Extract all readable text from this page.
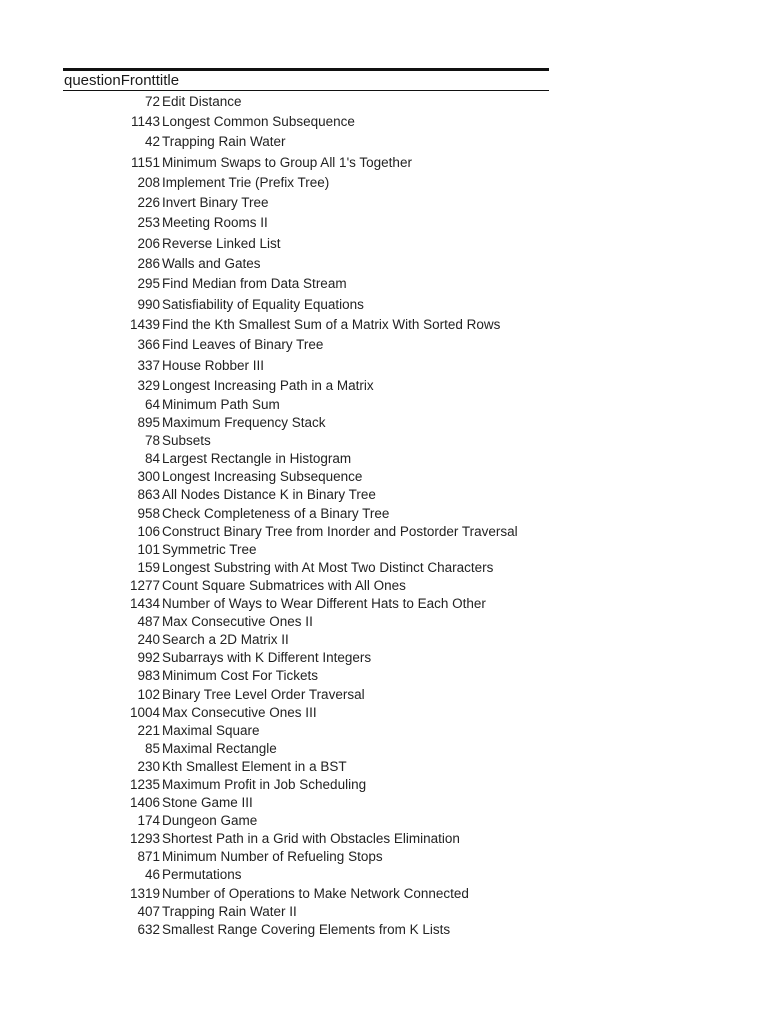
questionFronttitle
72 Edit Distance
1143 Longest Common Subsequence
42 Trapping Rain Water
1151 Minimum Swaps to Group All 1's Together
208 Implement Trie (Prefix Tree)
226 Invert Binary Tree
253 Meeting Rooms II
206 Reverse Linked List
286 Walls and Gates
295 Find Median from Data Stream
990 Satisfiability of Equality Equations
1439 Find the Kth Smallest Sum of a Matrix With Sorted Rows
366 Find Leaves of Binary Tree
337 House Robber III
329 Longest Increasing Path in a Matrix
64 Minimum Path Sum
895 Maximum Frequency Stack
78 Subsets
84 Largest Rectangle in Histogram
300 Longest Increasing Subsequence
863 All Nodes Distance K in Binary Tree
958 Check Completeness of a Binary Tree
106 Construct Binary Tree from Inorder and Postorder Traversal
101 Symmetric Tree
159 Longest Substring with At Most Two Distinct Characters
1277 Count Square Submatrices with All Ones
1434 Number of Ways to Wear Different Hats to Each Other
487 Max Consecutive Ones II
240 Search a 2D Matrix II
992 Subarrays with K Different Integers
983 Minimum Cost For Tickets
102 Binary Tree Level Order Traversal
1004 Max Consecutive Ones III
221 Maximal Square
85 Maximal Rectangle
230 Kth Smallest Element in a BST
1235 Maximum Profit in Job Scheduling
1406 Stone Game III
174 Dungeon Game
1293 Shortest Path in a Grid with Obstacles Elimination
871 Minimum Number of Refueling Stops
46 Permutations
1319 Number of Operations to Make Network Connected
407 Trapping Rain Water II
632 Smallest Range Covering Elements from K Lists
